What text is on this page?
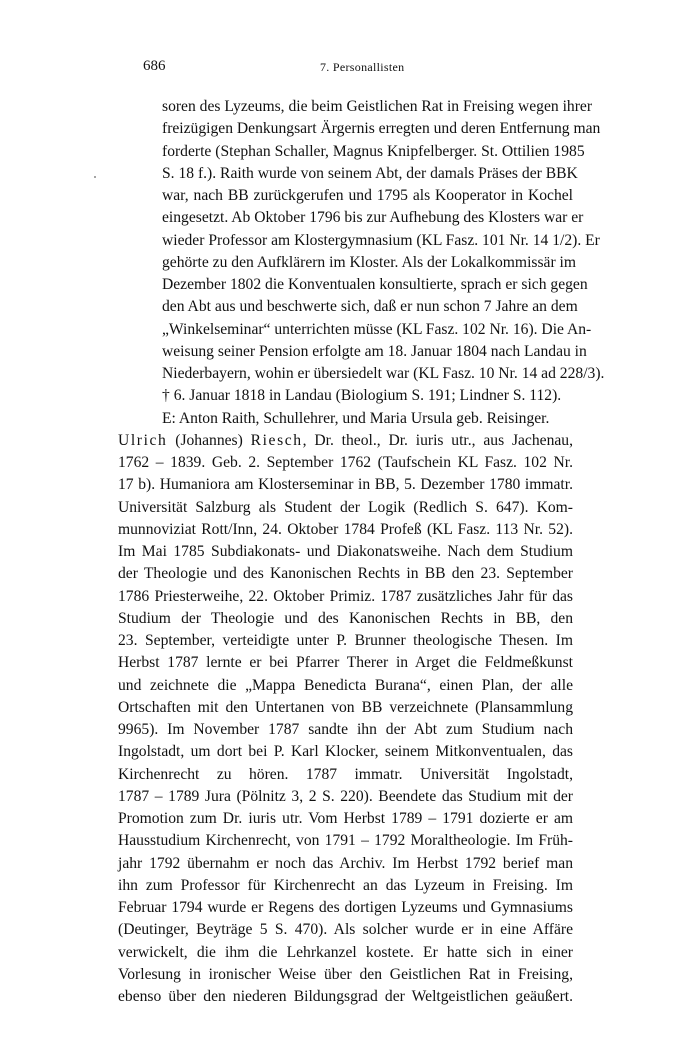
686	7. Personallisten
soren des Lyzeums, die beim Geistlichen Rat in Freising wegen ihrer
freizügigen Denkungsart Ärgernis erregten und deren Entfernung man
forderte (Stephan Schaller, Magnus Knipfelberger. St. Ottilien 1985
S. 18 f.). Raith wurde von seinem Abt, der damals Präses der BBK
war, nach BB zurückgerufen und 1795 als Kooperator in Kochel
eingesetzt. Ab Oktober 1796 bis zur Aufhebung des Klosters war er
wieder Professor am Klostergymnasium (KL Fasz. 101 Nr. 14 1/2). Er
gehörte zu den Aufklärern im Kloster. Als der Lokalkommissär im
Dezember 1802 die Konventualen konsultierte, sprach er sich gegen
den Abt aus und beschwerte sich, daß er nun schon 7 Jahre an dem
„Winkelseminar“ unterrichten müsse (KL Fasz. 102 Nr. 16). Die An-
weisung seiner Pension erfolgte am 18. Januar 1804 nach Landau in
Niederbayern, wohin er übersiedelt war (KL Fasz. 10 Nr. 14 ad 228/3).
† 6. Januar 1818 in Landau (Biologium S. 191; Lindner S. 112).
E: Anton Raith, Schullehrer, und Maria Ursula geb. Reisinger.
Ulrich (Johannes) Riesch, Dr. theol., Dr. iuris utr., aus Jachenau,
1762 – 1839. Geb. 2. September 1762 (Taufschein KL Fasz. 102 Nr.
17 b). Humaniora am Klosterseminar in BB, 5. Dezember 1780 immatr.
Universität Salzburg als Student der Logik (Redlich S. 647). Kom-
munnoviziat Rott/Inn, 24. Oktober 1784 Profeß (KL Fasz. 113 Nr. 52).
Im Mai 1785 Subdiakonats- und Diakonatsweihe. Nach dem Studium
der Theologie und des Kanonischen Rechts in BB den 23. September
1786 Priesterweihe, 22. Oktober Primiz. 1787 zusätzliches Jahr für das
Studium der Theologie und des Kanonischen Rechts in BB, den
23. September, verteidigte unter P. Brunner theologische Thesen. Im
Herbst 1787 lernte er bei Pfarrer Therer in Arget die Feldmeßkunst
und zeichnete die „Mappa Benedicta Burana“, einen Plan, der alle
Ortschaften mit den Untertanen von BB verzeichnete (Plansammlung
9965). Im November 1787 sandte ihn der Abt zum Studium nach
Ingolstadt, um dort bei P. Karl Klocker, seinem Mitkonventualen, das
Kirchenrecht zu hören. 1787 immatr. Universität Ingolstadt,
1787 – 1789 Jura (Pölnitz 3, 2 S. 220). Beendete das Studium mit der
Promotion zum Dr. iuris utr. Vom Herbst 1789 – 1791 dozierte er am
Hausstudium Kirchenrecht, von 1791 – 1792 Moraltheologie. Im Früh-
jahr 1792 übernahm er noch das Archiv. Im Herbst 1792 berief man
ihn zum Professor für Kirchenrecht an das Lyzeum in Freising. Im
Februar 1794 wurde er Regens des dortigen Lyzeums und Gymnasiums
(Deutinger, Beyträge 5 S. 470). Als solcher wurde er in eine Affäre
verwickelt, die ihm die Lehrkanzel kostete. Er hatte sich in einer
Vorlesung in ironischer Weise über den Geistlichen Rat in Freising,
ebenso über den niederen Bildungsgrad der Weltgeistlichen geäußert.
